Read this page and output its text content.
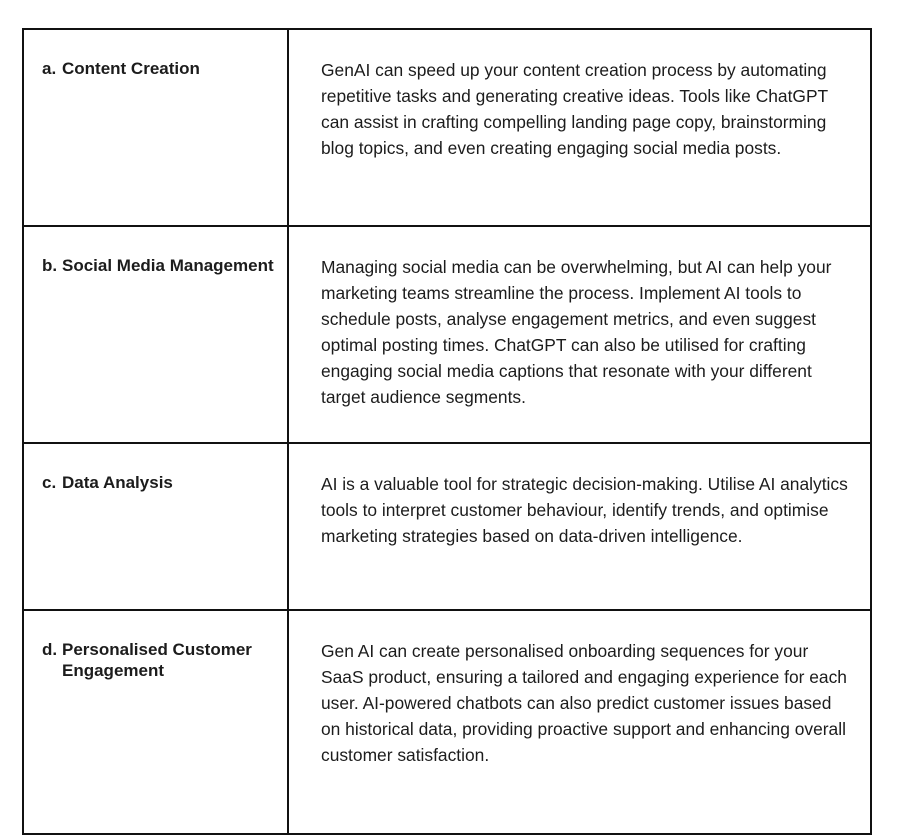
a. Content Creation	GenAI can speed up your content creation process by automating repetitive tasks and generating creative ideas. Tools like ChatGPT can assist in crafting compelling landing page copy, brainstorming blog topics, and even creating engaging social media posts.

b. Social Media Management	Managing social media can be overwhelming, but AI can help your marketing teams streamline the process. Implement AI tools to schedule posts, analyse engagement metrics, and even suggest optimal posting times. ChatGPT can also be utilised for crafting engaging social media captions that resonate with your different target audience segments.

c. Data Analysis	AI is a valuable tool for strategic decision-making. Utilise AI analytics tools to interpret customer behaviour, identify trends, and optimise marketing strategies based on data-driven intelligence.

d. Personalised Customer Engagement	Gen AI can create personalised onboarding sequences for your SaaS product, ensuring a tailored and engaging experience for each user. AI-powered chatbots can also predict customer issues based on historical data, providing proactive support and enhancing overall customer satisfaction.
